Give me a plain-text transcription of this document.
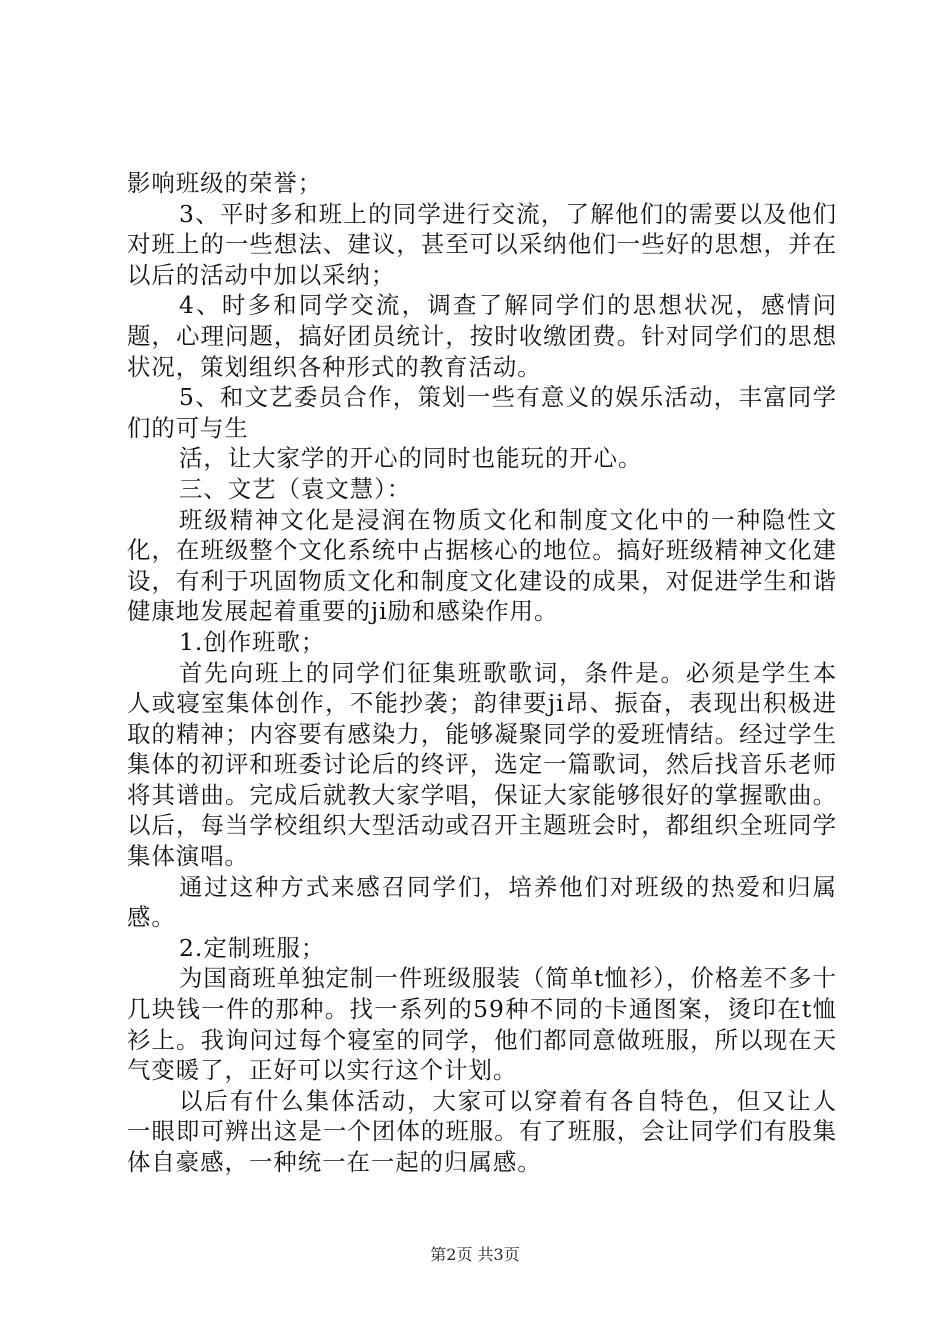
影响班级的荣誉；

3、平时多和班上的同学进行交流，了解他们的需要以及他们对班上的一些想法、建议，甚至可以采纳他们一些好的思想，并在以后的活动中加以采纳；

4、时多和同学交流，调查了解同学们的思想状况，感情问题，心理问题，搞好团员统计，按时收缴团费。针对同学们的思想状况，策划组织各种形式的教育活动。

5、和文艺委员合作，策划一些有意义的娱乐活动，丰富同学们的可与生

活，让大家学的开心的同时也能玩的开心。

三、文艺（袁文慧）：

班级精神文化是浸润在物质文化和制度文化中的一种隐性文化，在班级整个文化系统中占据核心的地位。搞好班级精神文化建设，有利于巩固物质文化和制度文化建设的成果，对促进学生和谐健康地发展起着重要的ji励和感染作用。

1.创作班歌；

首先向班上的同学们征集班歌歌词，条件是。必须是学生本人或寝室集体创作，不能抄袭；韵律要ji昂、振奋，表现出积极进取的精神；内容要有感染力，能够凝聚同学的爱班情结。经过学生集体的初评和班委讨论后的终评，选定一篇歌词，然后找音乐老师将其谱曲。完成后就教大家学唱，保证大家能够很好的掌握歌曲。以后，每当学校组织大型活动或召开主题班会时，都组织全班同学集体演唱。

通过这种方式来感召同学们，培养他们对班级的热爱和归属感。

2.定制班服；

为国商班单独定制一件班级服装（简单t恤衫），价格差不多十几块钱一件的那种。找一系列的59种不同的卡通图案，烫印在t恤衫上。我询问过每个寝室的同学，他们都同意做班服，所以现在天气变暖了，正好可以实行这个计划。

以后有什么集体活动，大家可以穿着有各自特色，但又让人一眼即可辨出这是一个团体的班服。有了班服，会让同学们有股集体自豪感，一种统一在一起的归属感。

第2页 共3页
